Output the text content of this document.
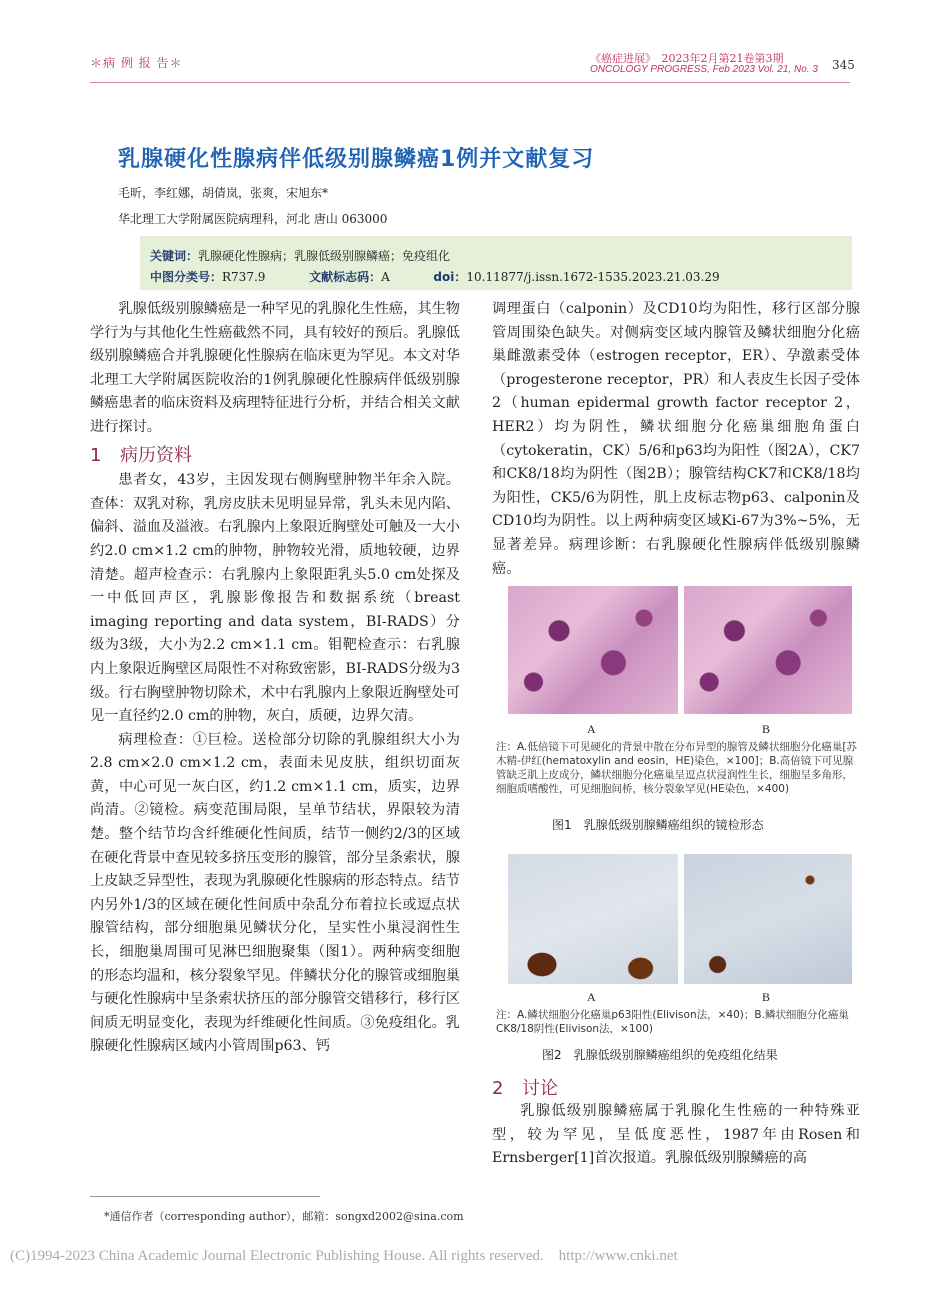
＊病 例 报 告＊	《癌症进展》　2023年2月第21卷第3期
ONCOLOGY PROGRESS, Feb 2023 Vol. 21, No. 3 345
乳腺硬化性腺病伴低级别腺鳞癌1例并文献复习
毛昕，李红娜，胡倩岚，张爽，宋旭东*
华北理工大学附属医院病理科，河北 唐山 063000
关键词：乳腺硬化性腺病；乳腺低级别腺鳞癌；免疫组化
中图分类号：R737.9	文献标志码：A	doi：10.11877/j.issn.1672-1535.2023.21.03.29

乳腺低级别腺鳞癌是一种罕见的乳腺化生性癌，其生物学行为与其他化生性癌截然不同，具有较好的预后。乳腺低级别腺鳞癌合并乳腺硬化性腺病在临床更为罕见。本文对华北理工大学附属医院收治的1例乳腺硬化性腺病伴低级别腺鳞癌患者的临床资料及病理特征进行分析，并结合相关文献进行探讨。

1 病历资料

患者女，43岁，主因发现右侧胸壁肿物半年余入院。查体：双乳对称，乳房皮肤未见明显异常，乳头未见内陷、偏斜、溢血及溢液。右乳腺内上象限近胸壁处可触及一大小约2.0 cm×1.2 cm的肿物，肿物较光滑，质地较硬，边界清楚。超声检查示：右乳腺内上象限距乳头5.0 cm处探及一中低回声区，乳腺影像报告和数据系统（breast imaging reporting and data system，BI-RADS）分级为3级，大小为2.2 cm×1.1 cm。钼靶检查示：右乳腺内上象限近胸壁区局限性不对称致密影，BI-RADS分级为3级。行右胸壁肿物切除术，术中右乳腺内上象限近胸壁处可见一直径约2.0 cm的肿物，灰白，质硬，边界欠清。

病理检查：①巨检。送检部分切除的乳腺组织大小为2.8 cm×2.0 cm×1.2 cm，表面未见皮肤，组织切面灰黄，中心可见一灰白区，约1.2 cm×1.1 cm，质实，边界尚清。②镜检。病变范围局限，呈单节结状，界限较为清楚。整个结节均含纤维硬化性间质，结节一侧约2/3的区域在硬化背景中查见较多挤压变形的腺管，部分呈条索状，腺上皮缺乏异型性，表现为乳腺硬化性腺病的形态特点。结节内另外1/3的区域在硬化性间质中杂乱分布着拉长或逗点状腺管结构，部分细胞巢见鳞状分化，呈实性小巢浸润性生长，细胞巢周围可见淋巴细胞聚集（图1）。两种病变细胞的形态均温和，核分裂象罕见。伴鳞状分化的腺管或细胞巢与硬化性腺病中呈条索状挤压的部分腺管交错移行，移行区间质无明显变化，表现为纤维硬化性间质。③免疫组化。乳腺硬化性腺病区域内小管周围p63、钙

调理蛋白（calponin）及CD10均为阳性，移行区部分腺管周围染色缺失。对侧病变区域内腺管及鳞状细胞分化癌巢雌激素受体（estrogen receptor，ER）、孕激素受体（progesterone receptor，PR）和人表皮生长因子受体2（human epidermal growth factor receptor 2，HER2）均为阴性，鳞状细胞分化癌巢细胞角蛋白（cytokeratin，CK）5/6和p63均为阳性（图2A），CK7和CK8/18均为阴性（图2B）；腺管结构CK7和CK8/18均为阳性，CK5/6为阴性，肌上皮标志物p63、calponin及CD10均为阴性。以上两种病变区域Ki-67为3%~5%，无显著差异。病理诊断：右乳腺硬化性腺病伴低级别腺鳞癌。

A	B
注：A.低倍镜下可见硬化的背景中散在分布异型的腺管及鳞状细胞分化癌巢[苏木精-伊红(hematoxylin and eosin，HE)染色，×100]；B.高倍镜下可见腺管缺乏肌上皮成分，鳞状细胞分化癌巢呈逗点状浸润性生长，细胞呈多角形，细胞质嗜酸性，可见细胞间桥，核分裂象罕见(HE染色，×400)
图1　乳腺低级别腺鳞癌组织的镜检形态
A	B
注：A.鳞状细胞分化癌巢p63阳性(Elivison法，×40)；B.鳞状细胞分化癌巢CK8/18阴性(Elivison法，×100)
图2　乳腺低级别腺鳞癌组织的免疫组化结果
2 讨论

乳腺低级别腺鳞癌属于乳腺化生性癌的一种特殊亚型，较为罕见，呈低度恶性，1987年由Rosen和Ernsberger[1]首次报道。乳腺低级别腺鳞癌的高

*通信作者（corresponding author），邮箱：songxd2002@sina.com
(C)1994-2023 China Academic Journal Electronic Publishing House. All rights reserved.　http://www.cnki.net
